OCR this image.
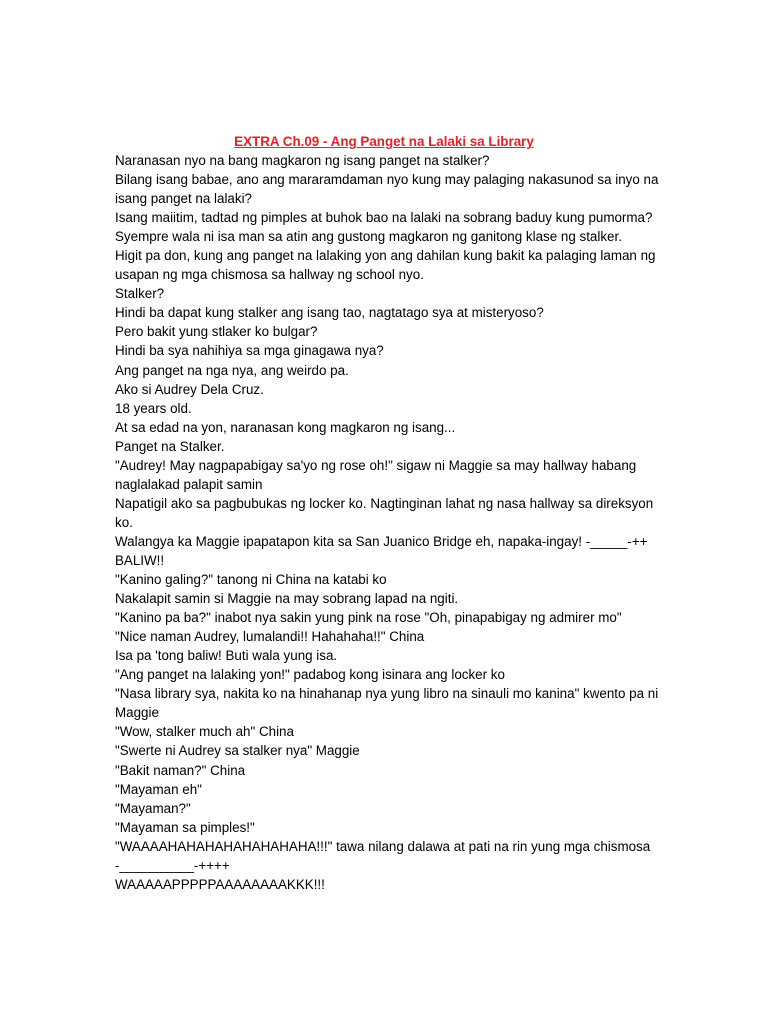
EXTRA Ch.09 - Ang Panget na Lalaki sa Library
Naranasan nyo na bang magkaron ng isang panget na stalker?
Bilang isang babae, ano ang mararamdaman nyo kung may palaging nakasunod sa inyo na isang panget na lalaki?
Isang maiitim, tadtad ng pimples at buhok bao na lalaki na sobrang baduy kung pumorma?
Syempre wala ni isa man sa atin ang gustong magkaron ng ganitong klase ng stalker.
Higit pa don, kung ang panget na lalaking yon ang dahilan kung bakit ka palaging laman ng usapan ng mga chismosa sa hallway ng school nyo.
Stalker?
Hindi ba dapat kung stalker ang isang tao, nagtatago sya at misteryoso?
Pero bakit yung stlaker ko bulgar?
Hindi ba sya nahihiya sa mga ginagawa nya?
Ang panget na nga nya, ang weirdo pa.
Ako si Audrey Dela Cruz.
18 years old.
At sa edad na yon, naranasan kong magkaron ng isang...
Panget na Stalker.
"Audrey! May nagpapabigay sa'yo ng rose oh!" sigaw ni Maggie sa may hallway habang naglalakad palapit samin
Napatigil ako sa pagbubukas ng locker ko. Nagtinginan lahat ng nasa hallway sa direksyon ko.
Walangya ka Maggie ipapatapon kita sa San Juanico Bridge eh, napaka-ingay! -_____-++ BALIW!!
"Kanino galing?" tanong ni China na katabi ko
Nakalapit samin si Maggie na may sobrang lapad na ngiti.
"Kanino pa ba?" inabot nya sakin yung pink na rose "Oh, pinapabigay ng admirer mo"
"Nice naman Audrey, lumalandi!! Hahahaha!!" China
Isa pa 'tong baliw! Buti wala yung isa.
"Ang panget na lalaking yon!" padabog kong isinara ang locker ko
"Nasa library sya, nakita ko na hinahanap nya yung libro na sinauli mo kanina" kwento pa ni Maggie
"Wow, stalker much ah" China
"Swerte ni Audrey sa stalker nya" Maggie
"Bakit naman?" China
"Mayaman eh"
"Mayaman?"
"Mayaman sa pimples!"
"WAAAAHAHAHAHAHAHAHAHA!!!" tawa nilang dalawa at pati na rin yung mga chismosa
-__________-++++
WAAAAAPPPPPAAAAAAAAKKK!!!
